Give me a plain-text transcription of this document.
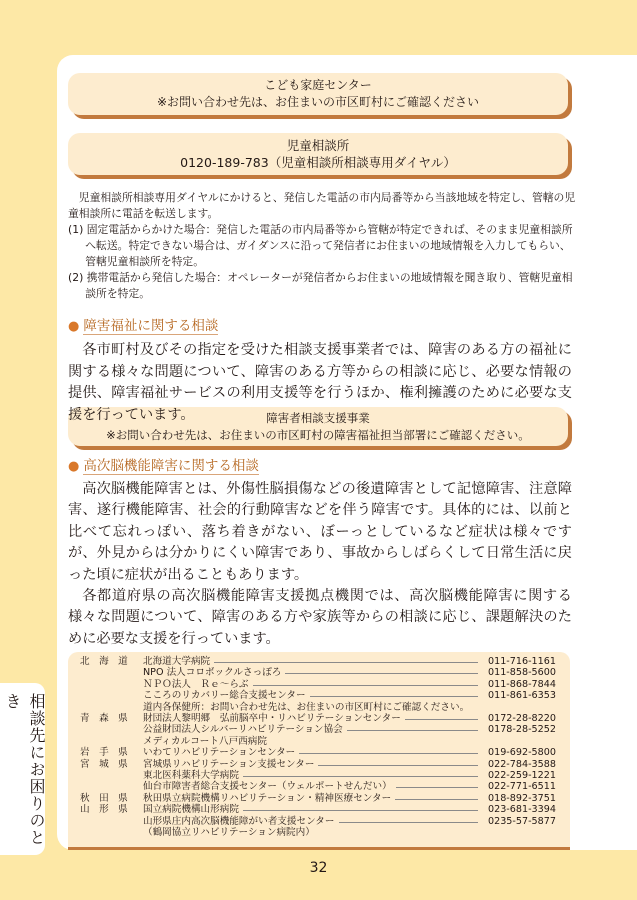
こども家庭センター
※お問い合わせ先は、お住まいの市区町村にご確認ください
児童相談所
0120-189-783（児童相談所相談専用ダイヤル）

児童相談所相談専用ダイヤルにかけると、発信した電話の市内局番等から当該地域を特定し、管轄の児童相談所に電話を転送します。

(1) 固定電話からかけた場合：発信した電話の市内局番等から管轄が特定できれば、そのまま児童相談所へ転送。特定できない場合は、ガイダンスに沿って発信者にお住まいの地域情報を入力してもらい、管轄児童相談所を特定。

(2) 携帯電話から発信した場合：オペレーターが発信者からお住まいの地域情報を聞き取り、管轄児童相談所を特定。

● 障害福祉に関する相談

各市町村及びその指定を受けた相談支援事業者では、障害のある方の福祉に関する様々な問題について、障害のある方等からの相談に応じ、必要な情報の提供、障害福祉サービスの利用支援等を行うほか、権利擁護のために必要な支援を行っています。	障害者相談支援事業
※お問い合わせ先は、お住まいの市区町村の障害福祉担当部署にご確認ください。
● 高次脳機能障害に関する相談

高次脳機能障害とは、外傷性脳損傷などの後遺障害として記憶障害、注意障害、遂行機能障害、社会的行動障害などを伴う障害です。具体的には、以前と比べて忘れっぽい、落ち着きがない、ぼーっとしているなど症状は様々ですが、外見からは分かりにくい障害であり、事故からしばらくして日常生活に戻った頃に症状が出ることもあります。

各都道府県の高次脳機能障害支援拠点機関では、高次脳機能障害に関する様々な問題について、障害のある方や家族等からの相談に応じ、課題解決のために必要な支援を行っています。

北海道 北海道大学病院	011-716-1161
NPO 法人コロボックルさっぽろ	011-858-5600
ＮＰＯ法人　Ｒｅ～らぶ	011-868-7844
こころのリカバリー総合支援センター	011-861-6353
道内各保健所：お問い合わせ先は、お住まいの市区町村にご確認ください。
青森県 財団法人黎明郷　弘前脳卒中・リハビリテーションセンター	0172-28-8220
公益財団法人シルバーリハビリテーション協会	0178-28-5252
メディカルコート八戸西病院
岩手県 いわてリハビリテーションセンター	019-692-5800
宮城県 宮城県リハビリテーション支援センター	022-784-3588
東北医科薬科大学病院	022-259-1221
仙台市障害者総合支援センター（ウェルポートせんだい）	022-771-6511
秋田県 秋田県立病院機構リハビリテーション・精神医療センター	018-892-3751
山形県 国立病院機構山形病院	023-681-3394
山形県庄内高次脳機能障がい者支援センター	0235-57-5877
（鶴岡協立リハビリテーション病院内）
相談先にお困りのとき
32
